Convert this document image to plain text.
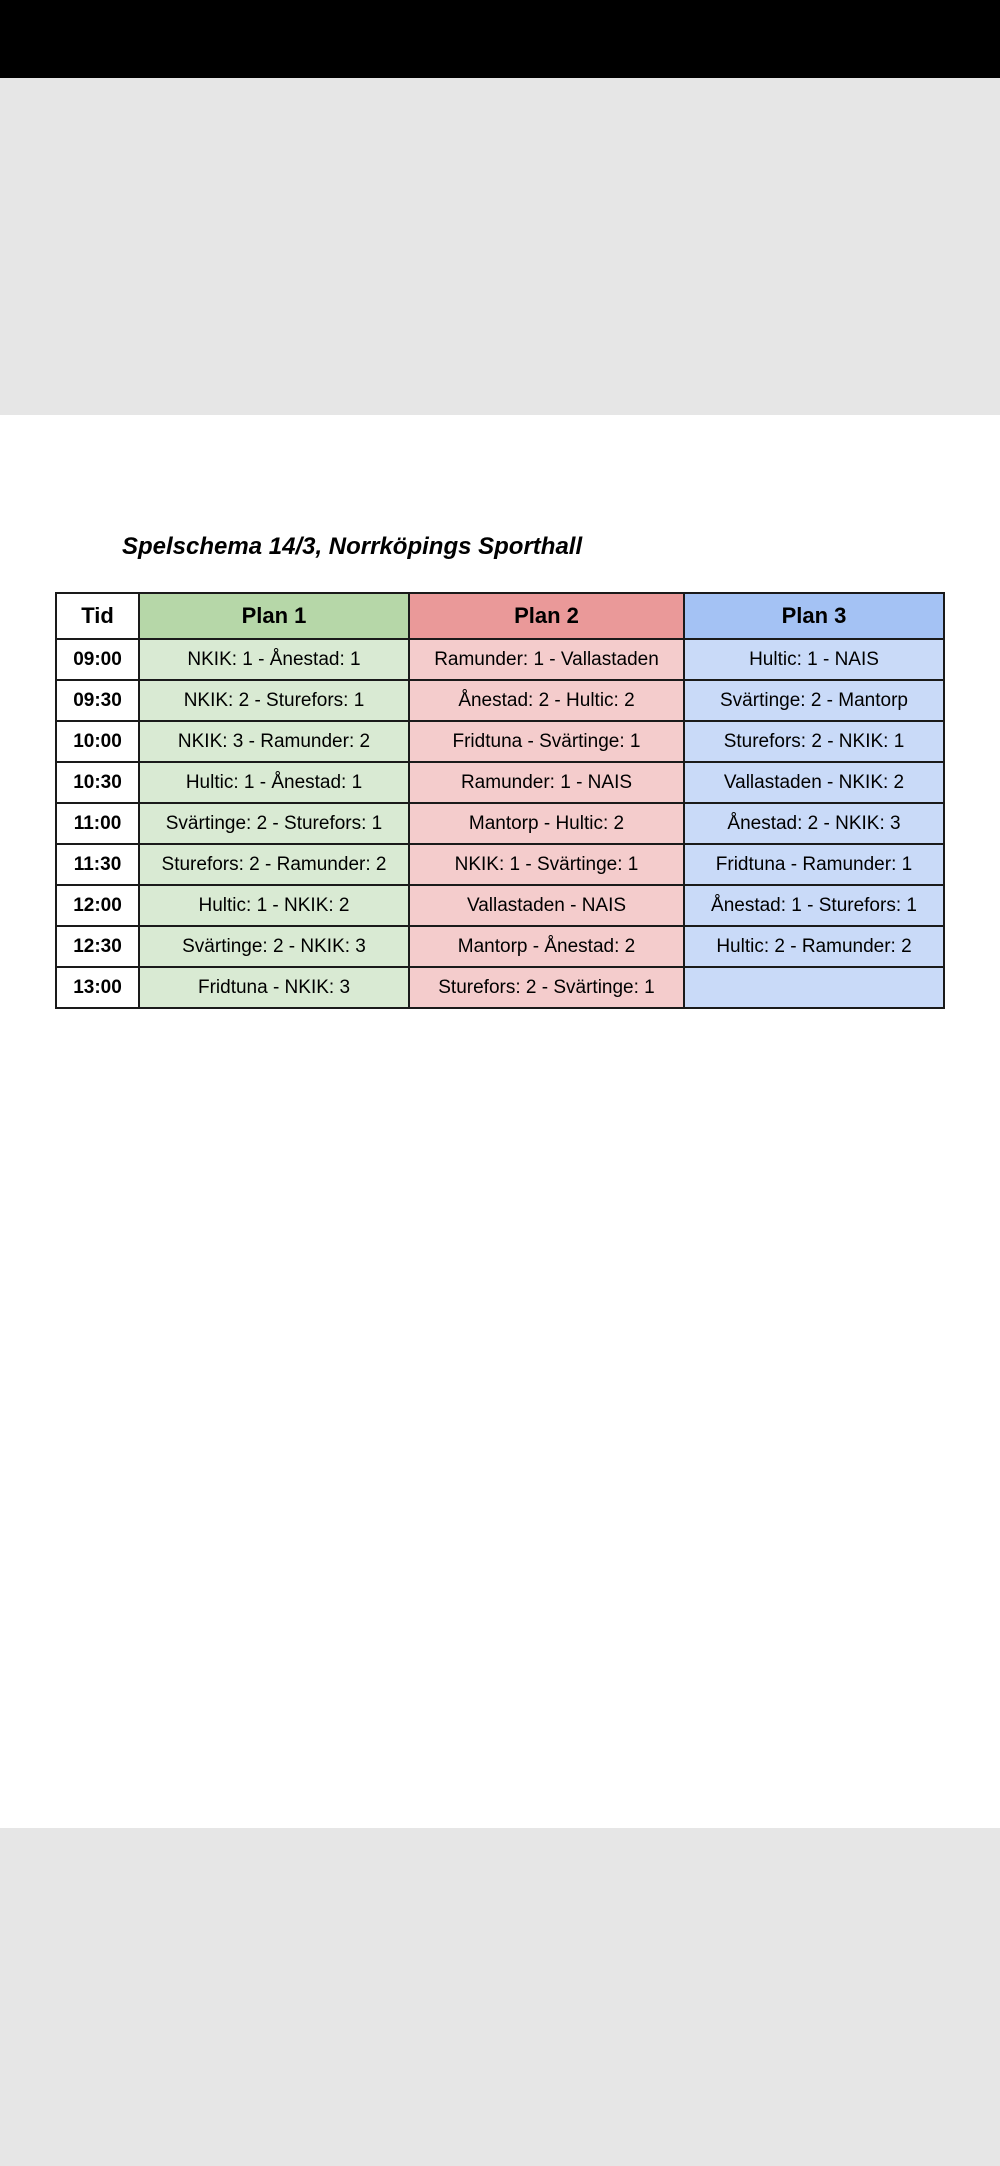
Spelschema 14/3, Norrköpings Sporthall
Tid	Plan 1	Plan 2	Plan 3
09:00	NKIK: 1 - Ånestad: 1	Ramunder: 1 - Vallastaden	Hultic: 1 - NAIS
09:30	NKIK: 2 - Sturefors: 1	Ånestad: 2 - Hultic: 2	Svärtinge: 2 - Mantorp
10:00	NKIK: 3 - Ramunder: 2	Fridtuna - Svärtinge: 1	Sturefors: 2 - NKIK: 1
10:30	Hultic: 1 - Ånestad: 1	Ramunder: 1 - NAIS	Vallastaden - NKIK: 2
11:00	Svärtinge: 2 - Sturefors: 1	Mantorp - Hultic: 2	Ånestad: 2 - NKIK: 3
11:30	Sturefors: 2 - Ramunder: 2	NKIK: 1 - Svärtinge: 1	Fridtuna - Ramunder: 1
12:00	Hultic: 1 - NKIK: 2	Vallastaden - NAIS	Ånestad: 1 - Sturefors: 1
12:30	Svärtinge: 2 - NKIK: 3	Mantorp - Ånestad: 2	Hultic: 2 - Ramunder: 2
13:00	Fridtuna - NKIK: 3	Sturefors: 2 - Svärtinge: 1	
